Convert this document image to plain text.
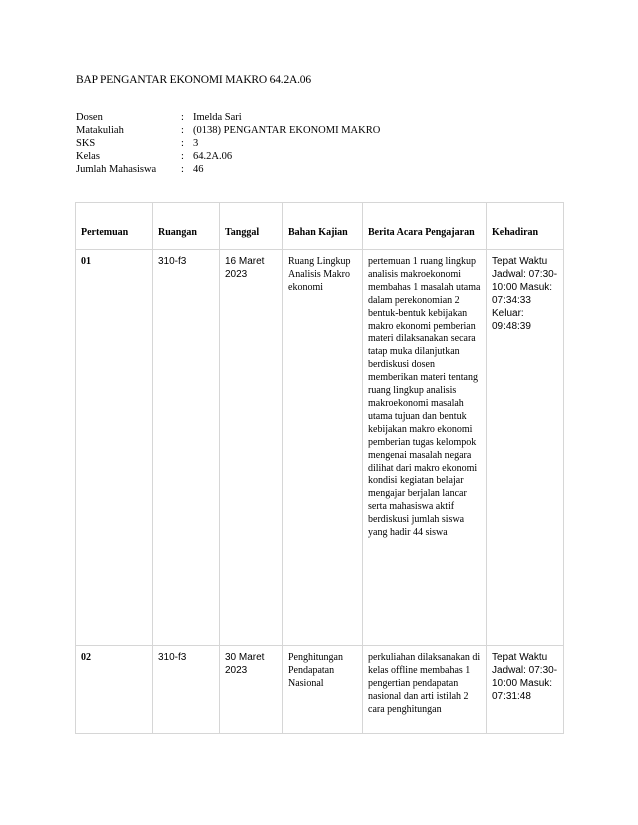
BAP PENGANTAR EKONOMI MAKRO 64.2A.06
Dosen	: Imelda Sari
Matakuliah	: (0138) PENGANTAR EKONOMI MAKRO
SKS	: 3
Kelas	: 64.2A.06
Jumlah Mahasiswa	: 46
Pertemuan	Ruangan	Tanggal	Bahan Kajian	Berita Acara Pengajaran	Kehadiran
01	310-f3	16 Maret 2023	Ruang Lingkup Analisis Makro ekonomi	pertemuan 1 ruang lingkup analisis makroekonomi membahas 1 masalah utama dalam perekonomian 2 bentuk-bentuk kebijakan makro ekonomi pemberian materi dilaksanakan secara tatap muka dilanjutkan berdiskusi dosen memberikan materi tentang ruang lingkup analisis makroekonomi masalah utama tujuan dan bentuk kebijakan makro ekonomi pemberian tugas kelompok mengenai masalah negara dilihat dari makro ekonomi kondisi kegiatan belajar mengajar berjalan lancar serta mahasiswa aktif berdiskusi jumlah siswa yang hadir 44 siswa	Tepat Waktu Jadwal: 07:30-10:00 Masuk: 07:34:33 Keluar: 09:48:39
02	310-f3	30 Maret 2023	Penghitungan Pendapatan Nasional	perkuliahan dilaksanakan di kelas offline membahas 1 pengertian pendapatan nasional dan arti istilah 2 cara penghitungan	Tepat Waktu Jadwal: 07:30-10:00 Masuk: 07:31:48
